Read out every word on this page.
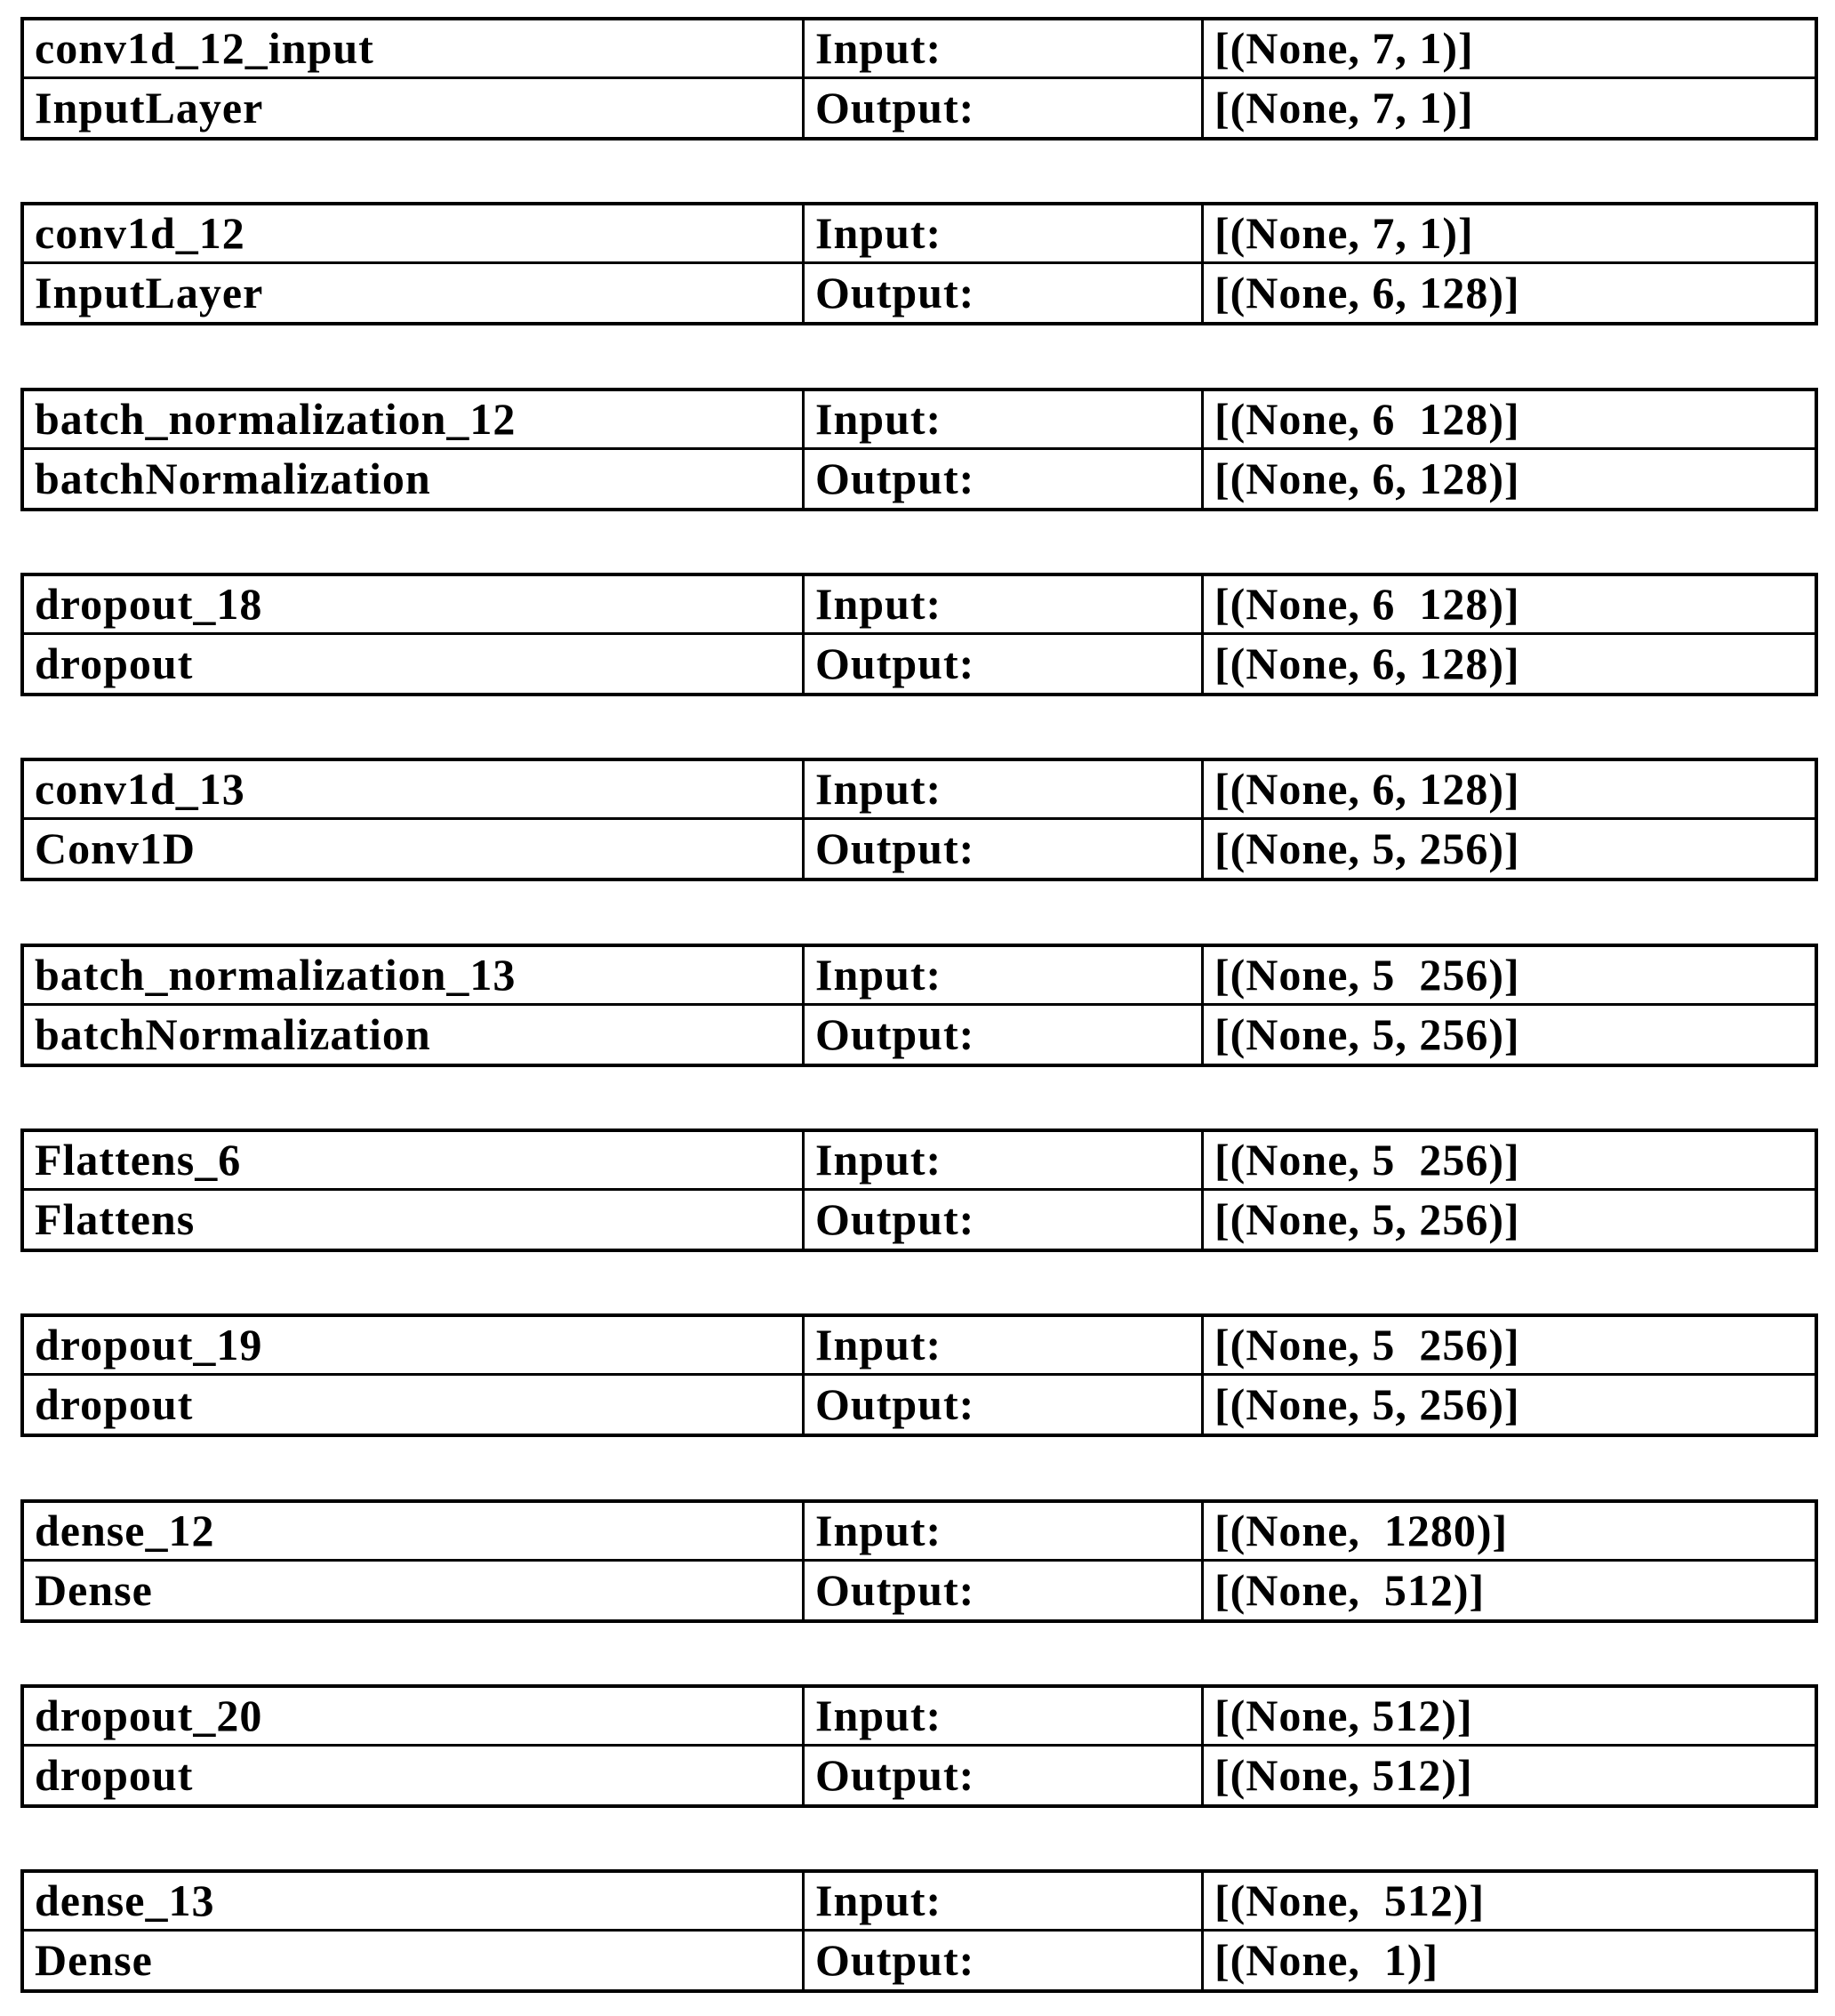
conv1d_12_input	Input:	[(None, 7, 1)]
InputLayer	Output:	[(None, 7, 1)]
conv1d_12	Input:	[(None, 7, 1)]
InputLayer	Output:	[(None, 6, 128)]
batch_normalization_12	Input:	[(None, 6  128)]
batchNormalization	Output:	[(None, 6, 128)]
dropout_18	Input:	[(None, 6  128)]
dropout	Output:	[(None, 6, 128)]
conv1d_13	Input:	[(None, 6, 128)]
Conv1D	Output:	[(None, 5, 256)]
batch_normalization_13	Input:	[(None, 5  256)]
batchNormalization	Output:	[(None, 5, 256)]
Flattens_6	Input:	[(None, 5  256)]
Flattens	Output:	[(None, 5, 256)]
dropout_19	Input:	[(None, 5  256)]
dropout	Output:	[(None, 5, 256)]
dense_12	Input:	[(None,  1280)]
Dense	Output:	[(None,  512)]
dropout_20	Input:	[(None, 512)]
dropout	Output:	[(None, 512)]
dense_13	Input:	[(None,  512)]
Dense	Output:	[(None,  1)]
